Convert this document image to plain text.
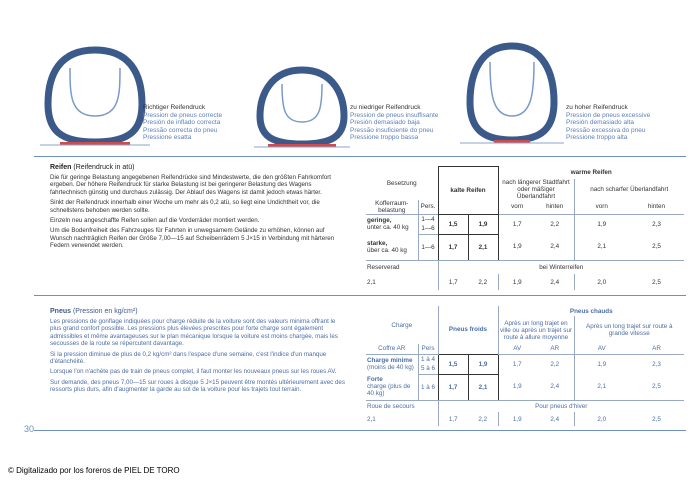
Richtiger Reifendruck
Pression de pneus correcte
Presión de inflado correcta
Pressão correcta do pneu
Pressione esatta
zu niedriger Reifendruck
Pression de pneus insuffisante
Presión demasiado baja
Pressão insuficiente do pneu
Pressione troppo bassa
zu hoher Reifendruck
Pression de pneus excessive
Presión demasiado alta
Pressão excessiva do pneu
Pressione troppo alta
Reifen (Reifendruck in atü)

Die für geringe Belastung angegebenen Reifendrücke sind Mindestwerte, die den größten Fahrkomfort ergeben. Der höhere Reifendruck für starke Belastung ist bei geringerer Belastung des Wagens fahrtechnisch günstig und durchaus zulässig. Der Ablauf des Wagens ist damit jedoch etwas härter.

Sinkt der Reifendruck innerhalb einer Woche um mehr als 0,2 atü, so liegt eine Undichtheit vor, die schnellstens behoben werden sollte.

Einzeln neu angeschaffte Reifen sollen auf die Vorderräder montiert werden.

Um die Bodenfreiheit des Fahrzeuges für Fahrten in unwegsamem Gelände zu erhöhen, können auf Wunsch nachträglich Reifen der Größe 7,00—15 auf Scheibenrädern 5 J×15 in Verbindung mit härteren Federn verwendet werden.

Besetzung		kalte Reifen		warme Reifen			
				nach längerer Stadtfahrt oder mäßiger Überlandfahrt		nach scharfer Überlandfahrt	
Kofferraum-belastung	Pers.			vorn	hinten	vorn	hinten
geringe,
unter ca. 40 kg	1—4	1,5	1,9	1,7	2,2	1,9	2,3
	1—6						
starke,
über ca. 40 kg	1—6	1,7	2,1	1,9	2,4	2,1	2,5
Reserverad		bei Winterreifen					
2,1		1,7	2,2	1,9	2,4	2,0	2,5
Pneus (Pression en kg/cm²)

Les pressions de gonflage indiquées pour charge réduite de la voiture sont des valeurs minima offrant le plus grand confort possible. Les pressions plus élevées prescrites pour forte charge sont également admissibles et même avantageuses sur le plan mécanique lorsque la voiture est moins chargée, mais les secousses de la route se répercutent davantage.

Si la pression diminue de plus de 0,2 kg/cm² dans l'espace d'une semaine, c'est l'indice d'un manque d'étanchéité.

Lorsque l'on n'achète pas de train de pneus complet, il faut monter les nouveaux pneus sur les roues AV.

Sur demande, des pneus 7,00—15 sur roues à disque 5 J×15 peuvent être montés ultérieurement avec des ressorts plus durs, afin d'augmenter la garde au sol de la voiture pour les trajets tout terrain.

Charge		Pneus froids		Pneus chauds			
				Après un long trajet en ville ou après un trajet sur route à allure moyenne		Après un long trajet sur route à grande vitesse	
Coffre AR	Pers			AV	AR	AV	AR
Charge minime
(moins de 40 kg)	1 à 4	1,5	1,9	1,7	2,2	1,9	2,3
	5 à 6						
Forte
charge (plus de 40 kg)	1 à 6	1,7	2,1	1,9	2,4	2,1	2,5
Roue de secours		Pour pneus d'hiver					
2,1		1,7	2,2	1,9	2,4	2,0	2,5
30
© Digitalizado por los foreros de PIEL DE TORO
